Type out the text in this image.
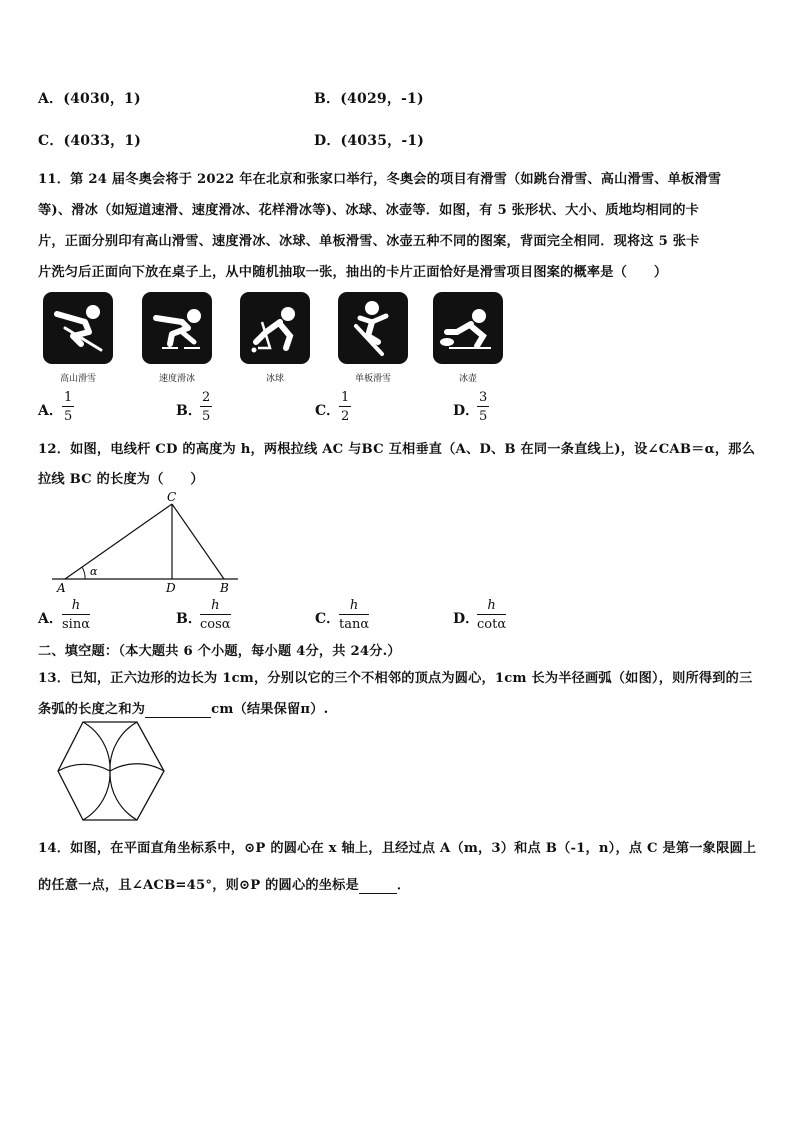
A．(4030，1)	B．(4029，-1)
C．(4033，1)	D．(4035，-1)
11．第 24 届冬奥会将于 2022 年在北京和张家口举行，冬奥会的项目有滑雪（如跳台滑雪、高山滑雪、单板滑雪
等)、滑冰（如短道速滑、速度滑冰、花样滑冰等)、冰球、冰壶等．如图，有 5 张形状、大小、质地均相同的卡
片，正面分别印有高山滑雪、速度滑冰、冰球、单板滑雪、冰壶五种不同的图案，背面完全相同．现将这 5 张卡
片洗匀后正面向下放在桌子上，从中随机抽取一张，抽出的卡片正面恰好是滑雪项目图案的概率是（　　）
高山滑雪	速度滑冰	冰球	单板滑雪	冰壶
A．
1
5	B．
2
5	C．
1
2	D．
3
5
12．如图，电线杆 CD 的高度为 h，两根拉线 AC 与BC 互相垂直（A、D、B 在同一条直线上)，设∠CAB＝α，那么
拉线 BC 的长度为（　　）
C
A	D	B
α
A．
h
sinα	B．
h
cosα	C．
h
tanα	D．
h
cotα
二、填空题：（本大题共 6 个小题，每小题 4分，共 24分.）
13．已知，正六边形的边长为 1cm，分别以它的三个不相邻的顶点为圆心，1cm 长为半径画弧（如图），则所得到的三
条弧的长度之和为	cm（结果保留π）.
14．如图，在平面直角坐标系中，⊙P 的圆心在 x 轴上，且经过点 A（m，3）和点 B（-1，n），点 C 是第一象限圆上
的任意一点，且∠ACB=45°，则⊙P 的圆心的坐标是	．
